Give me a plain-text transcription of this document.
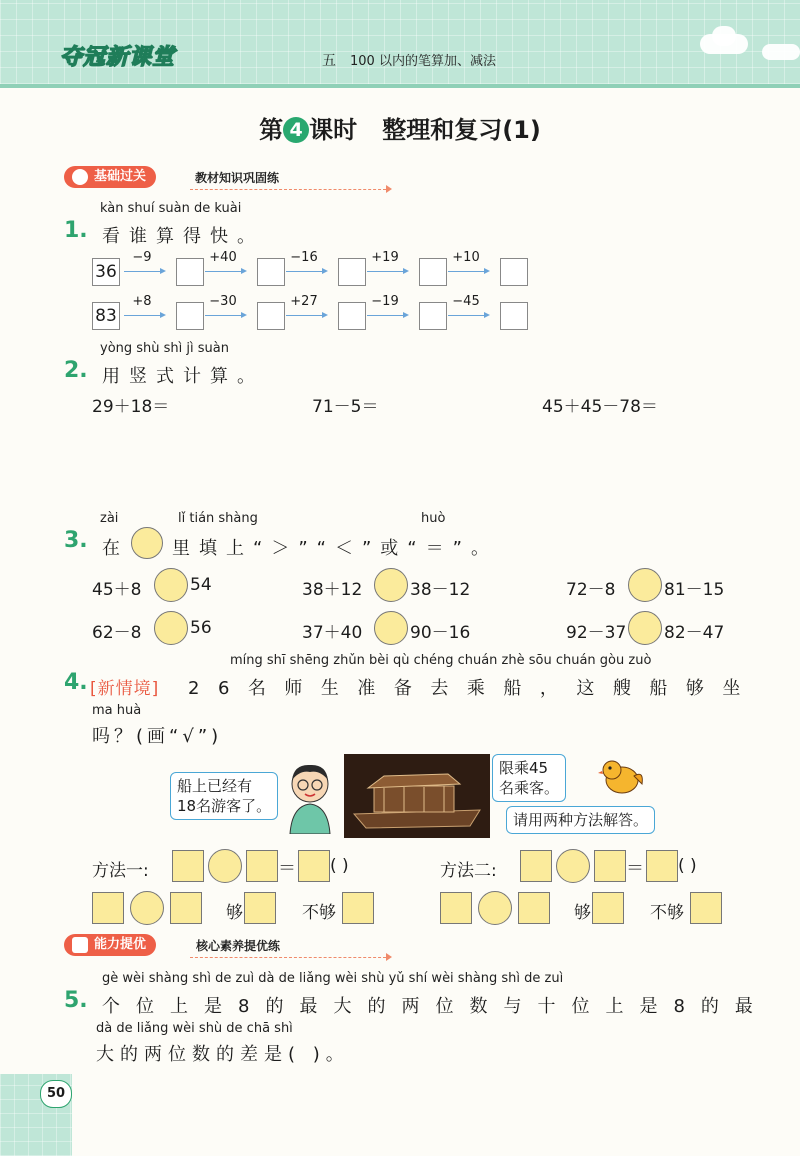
夺冠新课堂	五 100 以内的笔算加、减法
第 4 课时 整理和复习(1)
基础过关	教材知识巩固练
kàn shuí suàn de kuài
1. 看谁算得快。
36
−9	+40	−16	+19	+10
83
+8	−30	+27	−19	−45
yòng shù shì jì suàn
2. 用竖式计算。
29＋18＝	71－5＝	45＋45－78＝
zài	lǐ tián shàng	huò
3. 在 里填上“＞”“＜”或“＝”。
45＋8	54	38＋12	38－12	72－8	81－15
62－8	56	37＋40	90－16	92－37 82－47
míng shī shēng zhǔn bèi qù chéng chuán zhè sōu chuán gòu zuò
4. [新情境] 26名师生准备去乘船，这艘船够坐
ma huà
吗？(画“√”)
船上已经有
18名游客了。
限乘45
名乘客。
请用两种方法解答。
方法一:	＝ ( )
够	不够
方法二:	＝ ( )
够	不够
能力提优	核心素养提优练
gè wèi shàng shì de zuì dà de liǎng wèi shù yǔ shí wèi shàng shì de zuì
5. 个位上是8的最大的两位数与十位上是8的最
dà de liǎng wèi shù de chā shì
大的两位数的差是( )。
50
